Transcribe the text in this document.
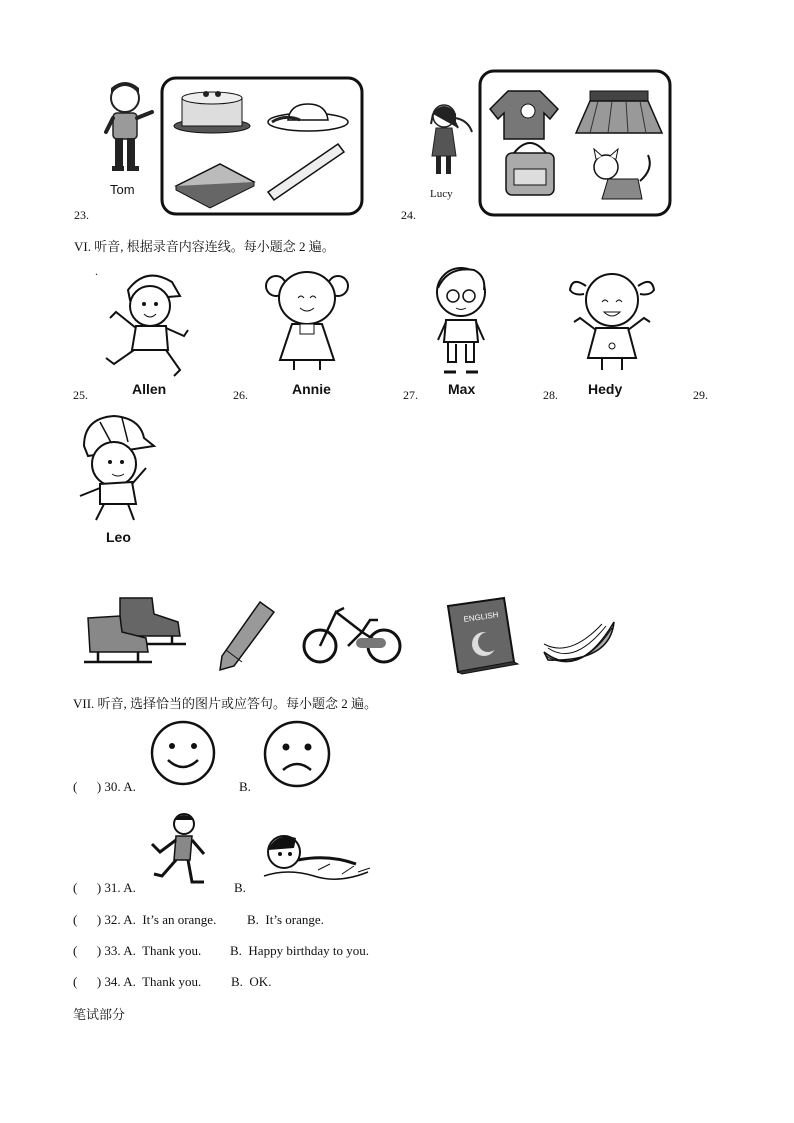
23.
Tom
24.
Lucy
VI. 听音, 根据录音内容连线。每小题念 2 遍。
.
25.	Allen	26.	Annie	27. Max	28. Hedy	29.
Leo
ENGLISH
VII. 听音, 选择恰当的图片或应答句。每小题念 2 遍。
(      ) 30. A.	B.
(      ) 31. A.	B.
(      ) 32. A.  It’s an orange. B.  It’s orange.
(      ) 33. A.  Thank you. B.  Happy birthday to you.
(      ) 34. A.  Thank you. B.  OK.
笔试部分
